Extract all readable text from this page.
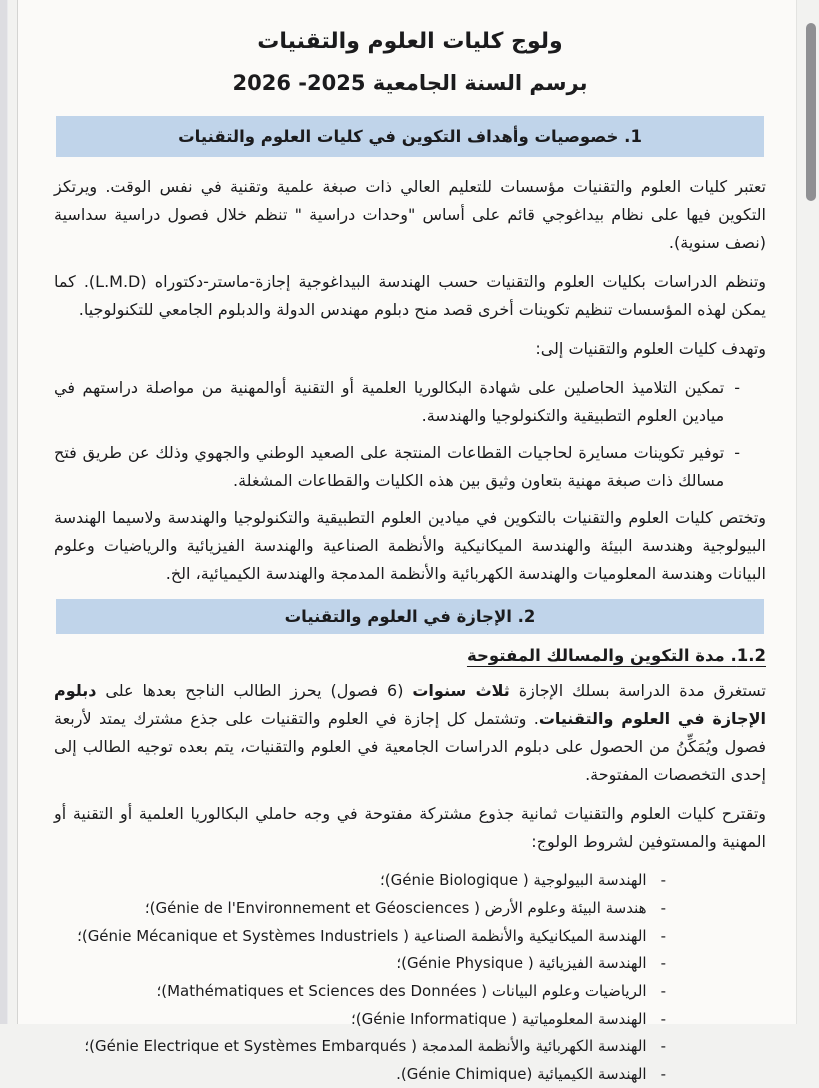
ولوج كليات العلوم والتقنيات
برسم السنة الجامعية 2025- 2026
1. خصوصيات وأهداف التكوين في كليات العلوم والتقنيات

تعتبر كليات العلوم والتقنيات مؤسسات للتعليم العالي ذات صبغة علمية وتقنية في نفس الوقت. ويرتكز التكوين فيها على نظام بيداغوجي قائم على أساس "وحدات دراسية " تنظم خلال فصول دراسية سداسية (نصف سنوية).

وتنظم الدراسات بكليات العلوم والتقنيات حسب الهندسة البيداغوجية إجازة-ماستر-دكتوراه (L.M.D). كما يمكن لهذه المؤسسات تنظيم تكوينات أخرى قصد منح دبلوم مهندس الدولة والدبلوم الجامعي للتكنولوجيا.

وتهدف كليات العلوم والتقنيات إلى:

-
تمكين التلاميذ الحاصلين على شهادة البكالوريا العلمية أو التقنية أوالمهنية من مواصلة دراستهم في ميادين العلوم التطبيقية والتكنولوجيا والهندسة.
-
توفير تكوينات مسايرة لحاجيات القطاعات المنتجة على الصعيد الوطني والجهوي وذلك عن طريق فتح مسالك ذات صبغة مهنية بتعاون وثيق بين هذه الكليات والقطاعات المشغلة.

وتختص كليات العلوم والتقنيات بالتكوين في ميادين العلوم التطبيقية والتكنولوجيا والهندسة ولاسيما الهندسة البيولوجية وهندسة البيئة والهندسة الميكانيكية والأنظمة الصناعية والهندسة الفيزيائية والرياضيات وعلوم البيانات وهندسة المعلوميات والهندسة الكهربائية والأنظمة المدمجة والهندسة الكيميائية، الخ.

2. الإجازة في العلوم والتقنيات
1.2. مدة التكوين والمسالك المفتوحة

تستغرق مدة الدراسة بسلك الإجازة ثلاث سنوات (6 فصول) يحرز الطالب الناجح بعدها على دبلوم الإجازة في العلوم والتقنيات. وتشتمل كل إجازة في العلوم والتقنيات على جذع مشترك يمتد لأربعة فصول ويُمَكِّنُ من الحصول على دبلوم الدراسات الجامعية في العلوم والتقنيات، يتم بعده توجيه الطالب إلى إحدى التخصصات المفتوحة.

وتقترح كليات العلوم والتقنيات ثمانية جذوع مشتركة مفتوحة في وجه حاملي البكالوريا العلمية أو التقنية أو المهنية والمستوفين لشروط الولوج:

-
الهندسة البيولوجية ( Génie Biologique)؛
-
هندسة البيئة وعلوم الأرض ( Génie de l'Environnement et Géosciences)؛
-
الهندسة الميكانيكية والأنظمة الصناعية ( Génie Mécanique et Systèmes Industriels)؛
-
الهندسة الفيزيائية ( Génie Physique)؛
-
الرياضيات وعلوم البيانات ( Mathématiques et Sciences des Données)؛
-
الهندسة المعلومياتية ( Génie Informatique)؛
-
الهندسة الكهربائية والأنظمة المدمجة ( Génie Electrique et Systèmes Embarqués)؛
-
الهندسة الكيميائية (Génie Chimique).
